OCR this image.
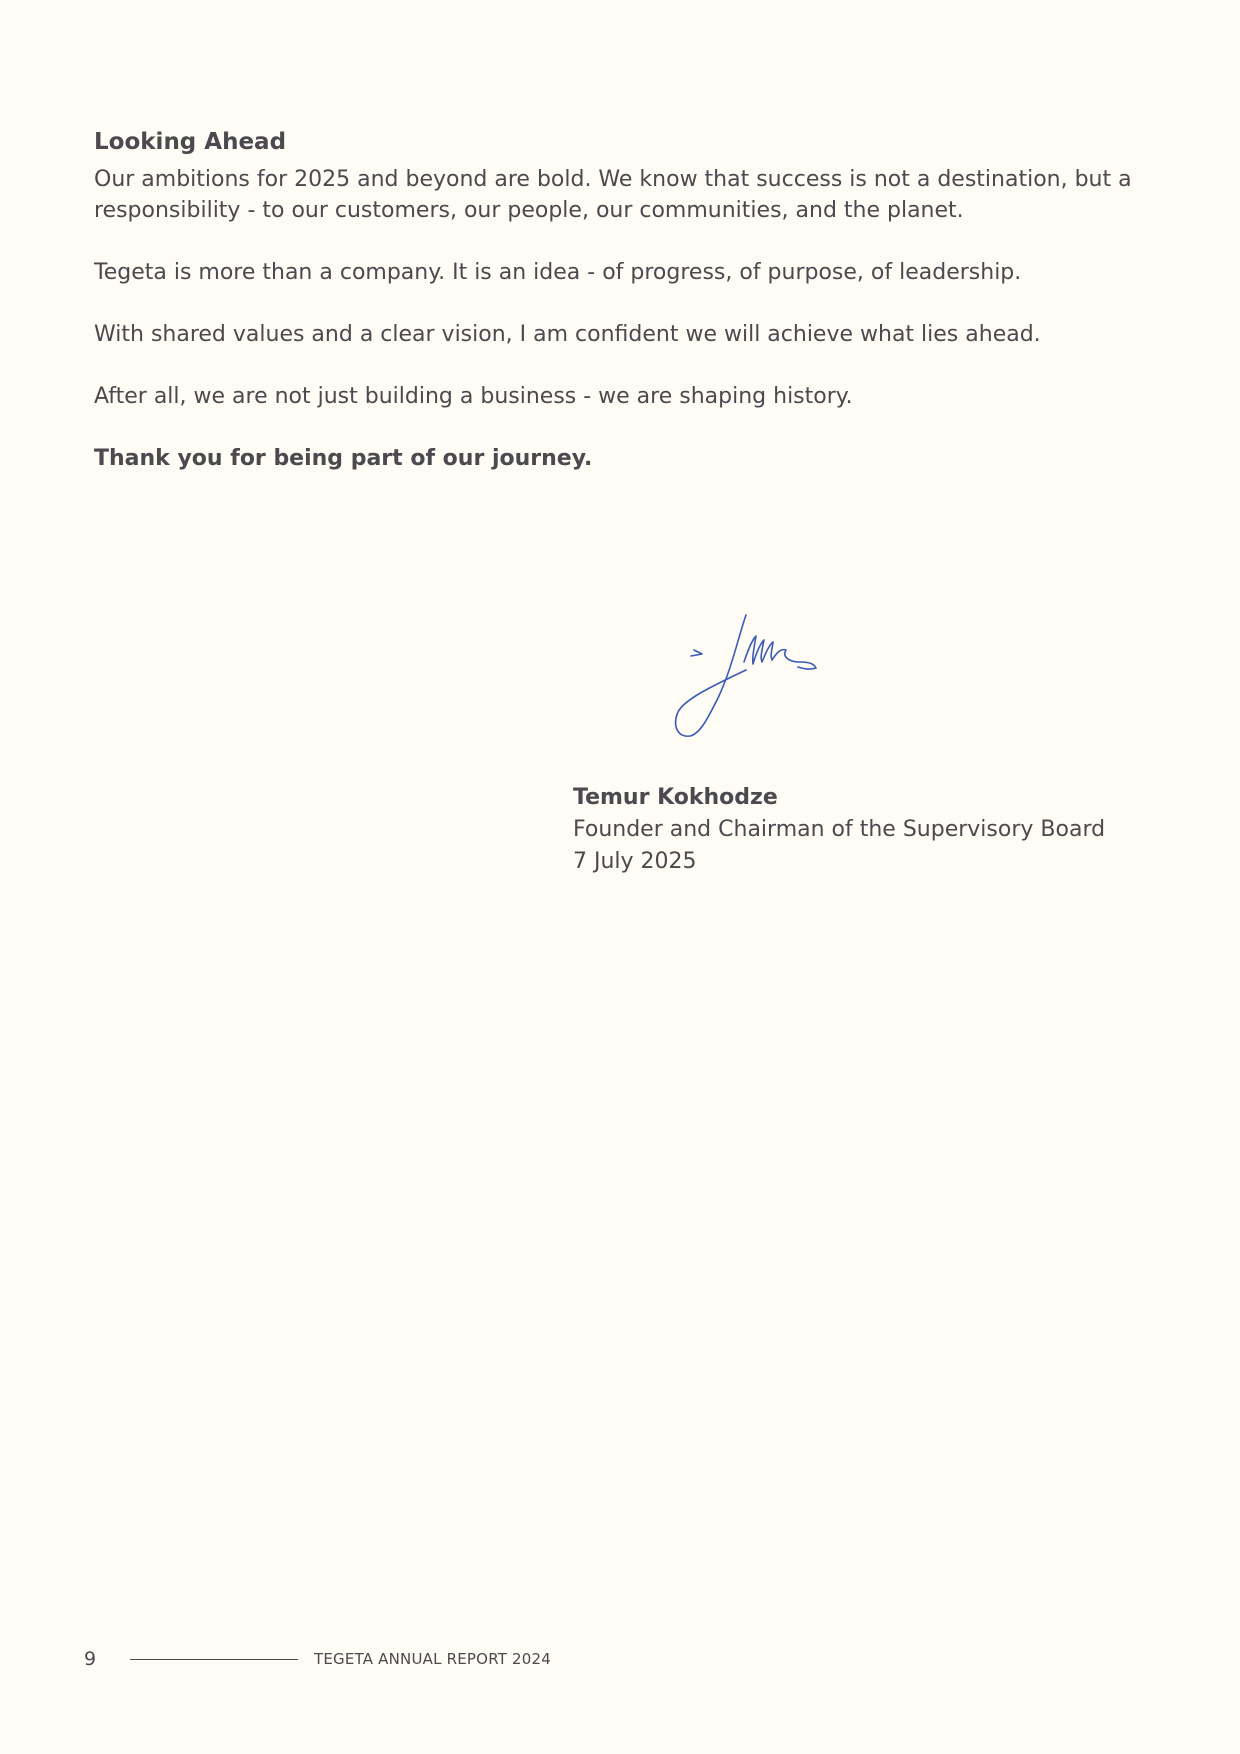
Looking Ahead

Our ambitions for 2025 and beyond are bold. We know that success is not a destination, but a responsibility - to our customers, our people, our communities, and the planet.

Tegeta is more than a company. It is an idea - of progress, of purpose, of leadership.

With shared values and a clear vision, I am confident we will achieve what lies ahead.

After all, we are not just building a business - we are shaping history.

Thank you for being part of our journey.

Temur Kokhodze
Founder and Chairman of the Supervisory Board
7 July 2025
9	TEGETA ANNUAL REPORT 2024
